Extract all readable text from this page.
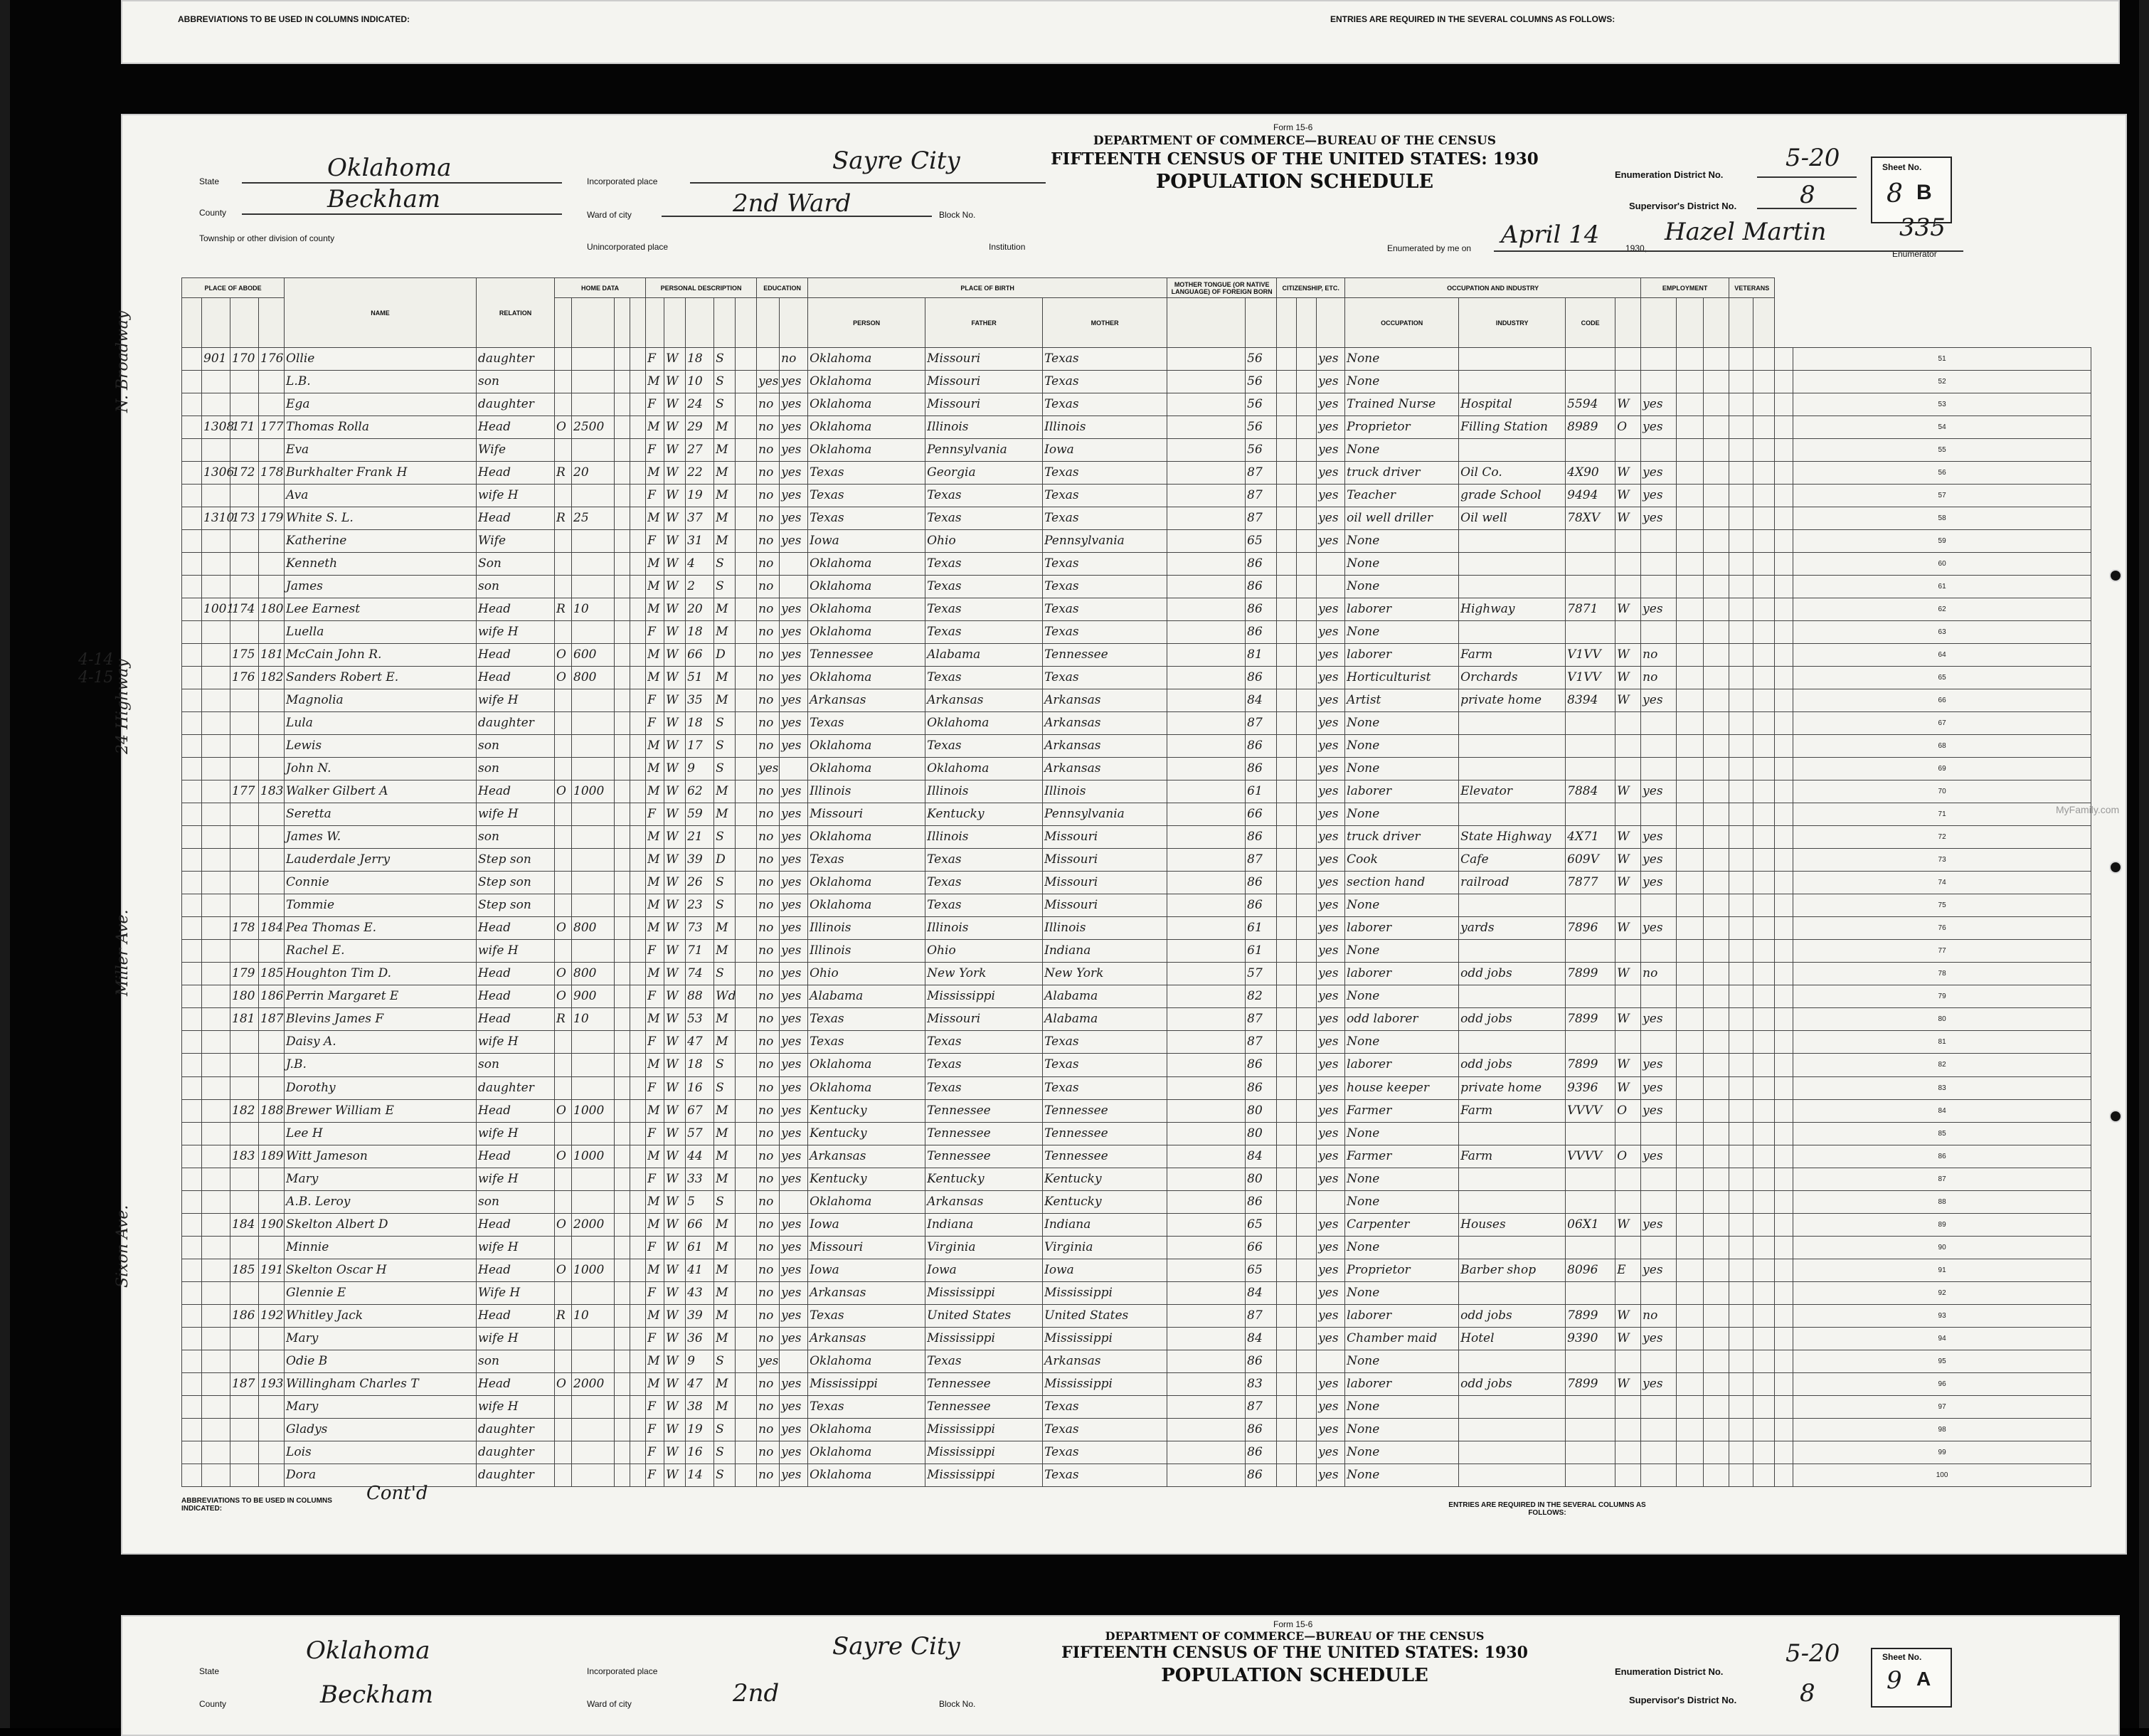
ABBREVIATIONS TO BE USED IN COLUMNS INDICATED:	ENTRIES ARE REQUIRED IN THE SEVERAL COLUMNS AS FOLLOWS:
Form 15-6
DEPARTMENT OF COMMERCE—BUREAU OF THE CENSUS
FIFTEENTH CENSUS OF THE UNITED STATES: 1930
POPULATION SCHEDULE
State	Oklahoma
County	Beckham
Township or other division of county
Incorporated place
Sayre City
Ward of city	2nd Ward	Block No.
Unincorporated place	Institution
Enumeration District No.
5-20
Supervisor's District No.	8
Sheet No.
8 B
Enumerated by me on April 14	1930,
Hazel Martin
Enumerator
335
PLACE OF ABODE				NAME	RELATION	HOME DATA				PERSONAL DESCRIPTION					EDUCATION		PLACE OF BIRTH			MOTHER TONGUE (OR NATIVE LANGUAGE) OF FOREIGN BORN		CITIZENSHIP, ETC.			OCCUPATION AND INDUSTRY				EMPLOYMENT			VETERANS			
																	PERSON	FATHER	MOTHER						OCCUPATION	INDUSTRY	CODE								
	901	170	176	Ollie	daughter					F	W	18	S			no	Oklahoma	Missouri	Texas		56			yes	None										51
				L.B.	son					M	W	10	S		yes	yes	Oklahoma	Missouri	Texas		56			yes	None										52
				Ega	daughter					F	W	24	S		no	yes	Oklahoma	Missouri	Texas		56			yes	Trained Nurse	Hospital	5594	W	yes						53
	1308	171	177	Thomas Rolla	Head	O	2500			M	W	29	M		no	yes	Oklahoma	Illinois	Illinois		56			yes	Proprietor	Filling Station	8989	O	yes						54
				Eva	Wife					F	W	27	M		no	yes	Oklahoma	Pennsylvania	Iowa		56			yes	None										55
	1306	172	178	Burkhalter Frank H	Head	R	20			M	W	22	M		no	yes	Texas	Georgia	Texas		87			yes	truck driver	Oil Co.	4X90	W	yes						56
				Ava	wife H					F	W	19	M		no	yes	Texas	Texas	Texas		87			yes	Teacher	grade School	9494	W	yes						57
	1310	173	179	White S. L.	Head	R	25			M	W	37	M		no	yes	Texas	Texas	Texas		87			yes	oil well driller	Oil well	78XV	W	yes						58
				Katherine	Wife					F	W	31	M		no	yes	Iowa	Ohio	Pennsylvania		65			yes	None										59
				Kenneth	Son					M	W	4	S		no		Oklahoma	Texas	Texas		86				None										60
				James	son					M	W	2	S		no		Oklahoma	Texas	Texas		86				None										61
	1001	174	180	Lee Earnest	Head	R	10			M	W	20	M		no	yes	Oklahoma	Texas	Texas		86			yes	laborer	Highway	7871	W	yes						62
				Luella	wife H					F	W	18	M		no	yes	Oklahoma	Texas	Texas		86			yes	None										63
		175	181	McCain John R.	Head	O	600			M	W	66	D		no	yes	Tennessee	Alabama	Tennessee		81			yes	laborer	Farm	V1VV	W	no						64
		176	182	Sanders Robert E.	Head	O	800			M	W	51	M		no	yes	Oklahoma	Texas	Texas		86			yes	Horticulturist	Orchards	V1VV	W	no						65
				Magnolia	wife H					F	W	35	M		no	yes	Arkansas	Arkansas	Arkansas		84			yes	Artist	private home	8394	W	yes						66
				Lula	daughter					F	W	18	S		no	yes	Texas	Oklahoma	Arkansas		87			yes	None										67
				Lewis	son					M	W	17	S		no	yes	Oklahoma	Texas	Arkansas		86			yes	None										68
				John N.	son					M	W	9	S		yes		Oklahoma	Oklahoma	Arkansas		86			yes	None										69
		177	183	Walker Gilbert A	Head	O	1000			M	W	62	M		no	yes	Illinois	Illinois	Illinois		61			yes	laborer	Elevator	7884	W	yes						70
				Seretta	wife H					F	W	59	M		no	yes	Missouri	Kentucky	Pennsylvania		66			yes	None										71
				James W.	son					M	W	21	S		no	yes	Oklahoma	Illinois	Missouri		86			yes	truck driver	State Highway	4X71	W	yes						72
				Lauderdale Jerry	Step son					M	W	39	D		no	yes	Texas	Texas	Missouri		87			yes	Cook	Cafe	609V	W	yes						73
				Connie	Step son					M	W	26	S		no	yes	Oklahoma	Texas	Missouri		86			yes	section hand	railroad	7877	W	yes						74
				Tommie	Step son					M	W	23	S		no	yes	Oklahoma	Texas	Missouri		86			yes	None										75
		178	184	Pea Thomas E.	Head	O	800			M	W	73	M		no	yes	Illinois	Illinois	Illinois		61			yes	laborer	yards	7896	W	yes						76
				Rachel E.	wife H					F	W	71	M		no	yes	Illinois	Ohio	Indiana		61			yes	None										77
		179	185	Houghton Tim D.	Head	O	800			M	W	74	S		no	yes	Ohio	New York	New York		57			yes	laborer	odd jobs	7899	W	no						78
		180	186	Perrin Margaret E	Head	O	900			F	W	88	Wd		no	yes	Alabama	Mississippi	Alabama		82			yes	None										79
		181	187	Blevins James F	Head	R	10			M	W	53	M		no	yes	Texas	Missouri	Alabama		87			yes	odd laborer	odd jobs	7899	W	yes						80
				Daisy A.	wife H					F	W	47	M		no	yes	Texas	Texas	Texas		87			yes	None										81
				J.B.	son					M	W	18	S		no	yes	Oklahoma	Texas	Texas		86			yes	laborer	odd jobs	7899	W	yes						82
				Dorothy	daughter					F	W	16	S		no	yes	Oklahoma	Texas	Texas		86			yes	house keeper	private home	9396	W	yes						83
		182	188	Brewer William E	Head	O	1000			M	W	67	M		no	yes	Kentucky	Tennessee	Tennessee		80			yes	Farmer	Farm	VVVV	O	yes						84
				Lee H	wife H					F	W	57	M		no	yes	Kentucky	Tennessee	Tennessee		80			yes	None										85
		183	189	Witt Jameson	Head	O	1000			M	W	44	M		no	yes	Arkansas	Tennessee	Tennessee		84			yes	Farmer	Farm	VVVV	O	yes						86
				Mary	wife H					F	W	33	M		no	yes	Kentucky	Kentucky	Kentucky		80			yes	None										87
				A.B. Leroy	son					M	W	5	S		no		Oklahoma	Arkansas	Kentucky		86				None										88
		184	190	Skelton Albert D	Head	O	2000			M	W	66	M		no	yes	Iowa	Indiana	Indiana		65			yes	Carpenter	Houses	06X1	W	yes						89
				Minnie	wife H					F	W	61	M		no	yes	Missouri	Virginia	Virginia		66			yes	None										90
		185	191	Skelton Oscar H	Head	O	1000			M	W	41	M		no	yes	Iowa	Iowa	Iowa		65			yes	Proprietor	Barber shop	8096	E	yes						91
				Glennie E	Wife H					F	W	43	M		no	yes	Arkansas	Mississippi	Mississippi		84			yes	None										92
		186	192	Whitley Jack	Head	R	10			M	W	39	M		no	yes	Texas	United States	United States		87			yes	laborer	odd jobs	7899	W	no						93
				Mary	wife H					F	W	36	M		no	yes	Arkansas	Mississippi	Mississippi		84			yes	Chamber maid	Hotel	9390	W	yes						94
				Odie B	son					M	W	9	S		yes		Oklahoma	Texas	Arkansas		86				None										95
		187	193	Willingham Charles T	Head	O	2000			M	W	47	M		no	yes	Mississippi	Tennessee	Mississippi		83			yes	laborer	odd jobs	7899	W	yes						96
				Mary	wife H					F	W	38	M		no	yes	Texas	Tennessee	Texas		87			yes	None										97
				Gladys	daughter					F	W	19	S		no	yes	Oklahoma	Mississippi	Texas		86			yes	None										98
				Lois	daughter					F	W	16	S		no	yes	Oklahoma	Mississippi	Texas		86			yes	None										99
				Dora	daughter					F	W	14	S		no	yes	Oklahoma	Mississippi	Texas		86			yes	None										100
4-14
4-15
N. Broadway
24 Highway
Miller Ave.
Sixon Ave.
MyFamily.com
ABBREVIATIONS TO BE USED IN COLUMNS INDICATED:
Cont'd
ENTRIES ARE REQUIRED IN THE SEVERAL COLUMNS AS FOLLOWS:
Form 15-6
DEPARTMENT OF COMMERCE—BUREAU OF THE CENSUS
FIFTEENTH CENSUS OF THE UNITED STATES: 1930
POPULATION SCHEDULE
State
Oklahoma
County	Beckham
Incorporated place
Sayre City
Ward of city	2nd	Block No.
Enumeration District No.
5-20
Supervisor's District No.	8
Sheet No.
9 A
